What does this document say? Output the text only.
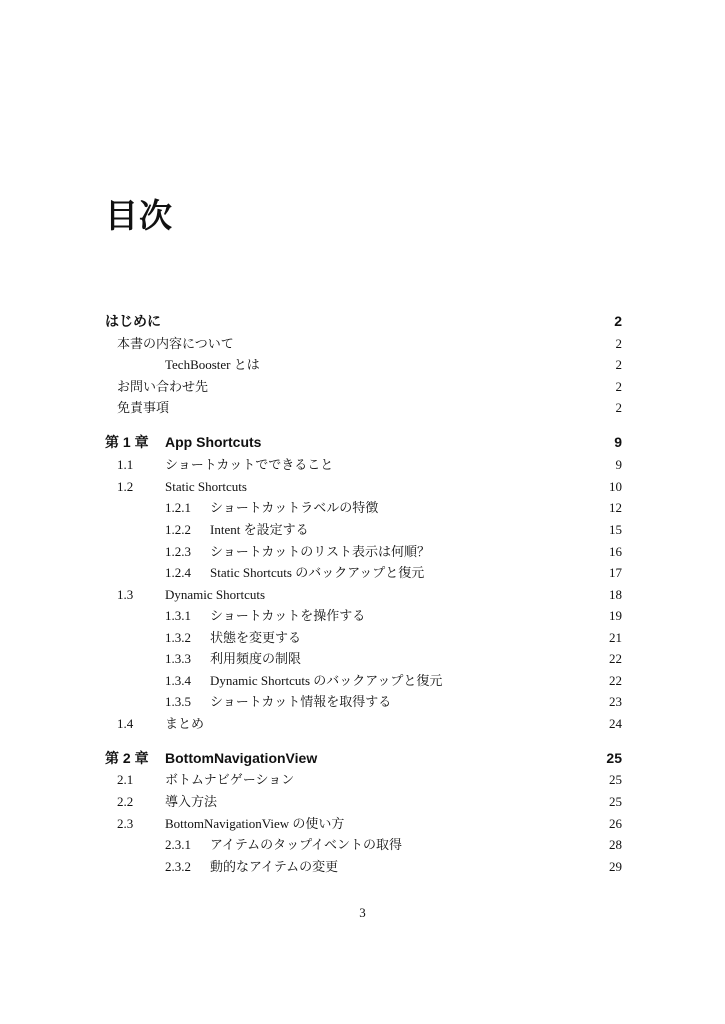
目次
はじめに	2
本書の内容について	2
TechBooster とは	2
お問い合わせ先	2
免責事項	2
第 1 章 App Shortcuts	9
1.1 ショートカットでできること	9
1.2 Static Shortcuts	10
1.2.1 ショートカットラベルの特徴	12
1.2.2 Intent を設定する	15
1.2.3 ショートカットのリスト表示は何順？	16
1.2.4 Static Shortcuts のバックアップと復元	17
1.3 Dynamic Shortcuts	18
1.3.1 ショートカットを操作する	19
1.3.2 状態を変更する	21
1.3.3 利用頻度の制限	22
1.3.4 Dynamic Shortcuts のバックアップと復元	22
1.3.5 ショートカット情報を取得する	23
1.4 まとめ	24
第 2 章 BottomNavigationView	25
2.1 ボトムナビゲーション	25
2.2 導入方法	25
2.3 BottomNavigationView の使い方	26
2.3.1 アイテムのタップイベントの取得	28
2.3.2 動的なアイテムの変更	29
3
